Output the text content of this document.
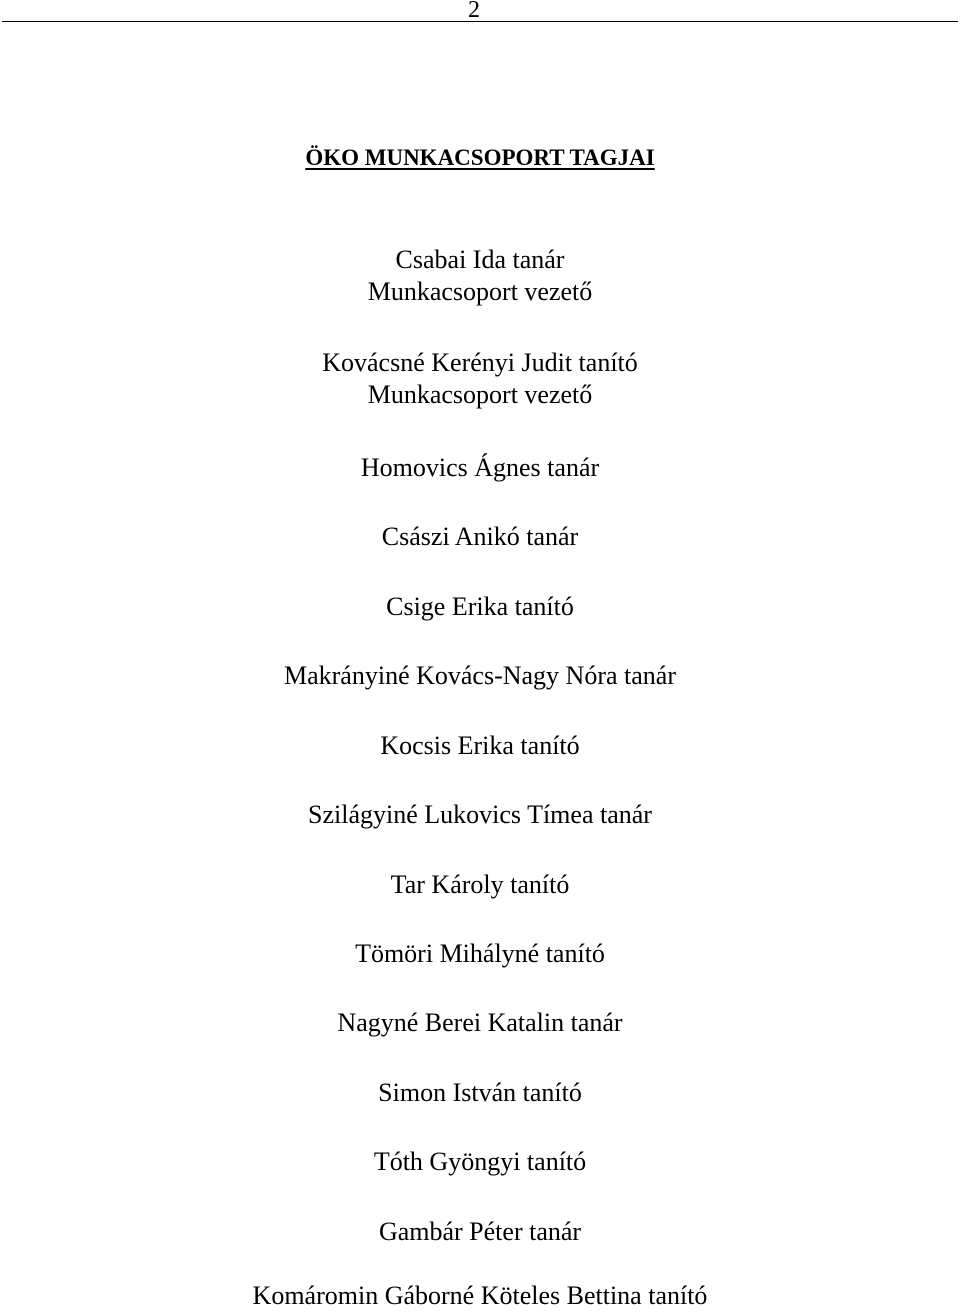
2
ÖKO MUNKACSOPORT TAGJAI

Csabai Ida tanár
Munkacsoport vezető

Kovácsné Kerényi Judit tanító
Munkacsoport vezető

Homovics Ágnes tanár

Császi Anikó tanár

Csige Erika tanító

Makrányiné Kovács-Nagy Nóra tanár

Kocsis Erika tanító

Szilágyiné Lukovics Tímea tanár

Tar Károly tanító

Tömöri Mihályné tanító

Nagyné Berei Katalin tanár

Simon István tanító

Tóth Gyöngyi tanító

Gambár Péter tanár

Komáromin Gáborné Köteles Bettina tanító
